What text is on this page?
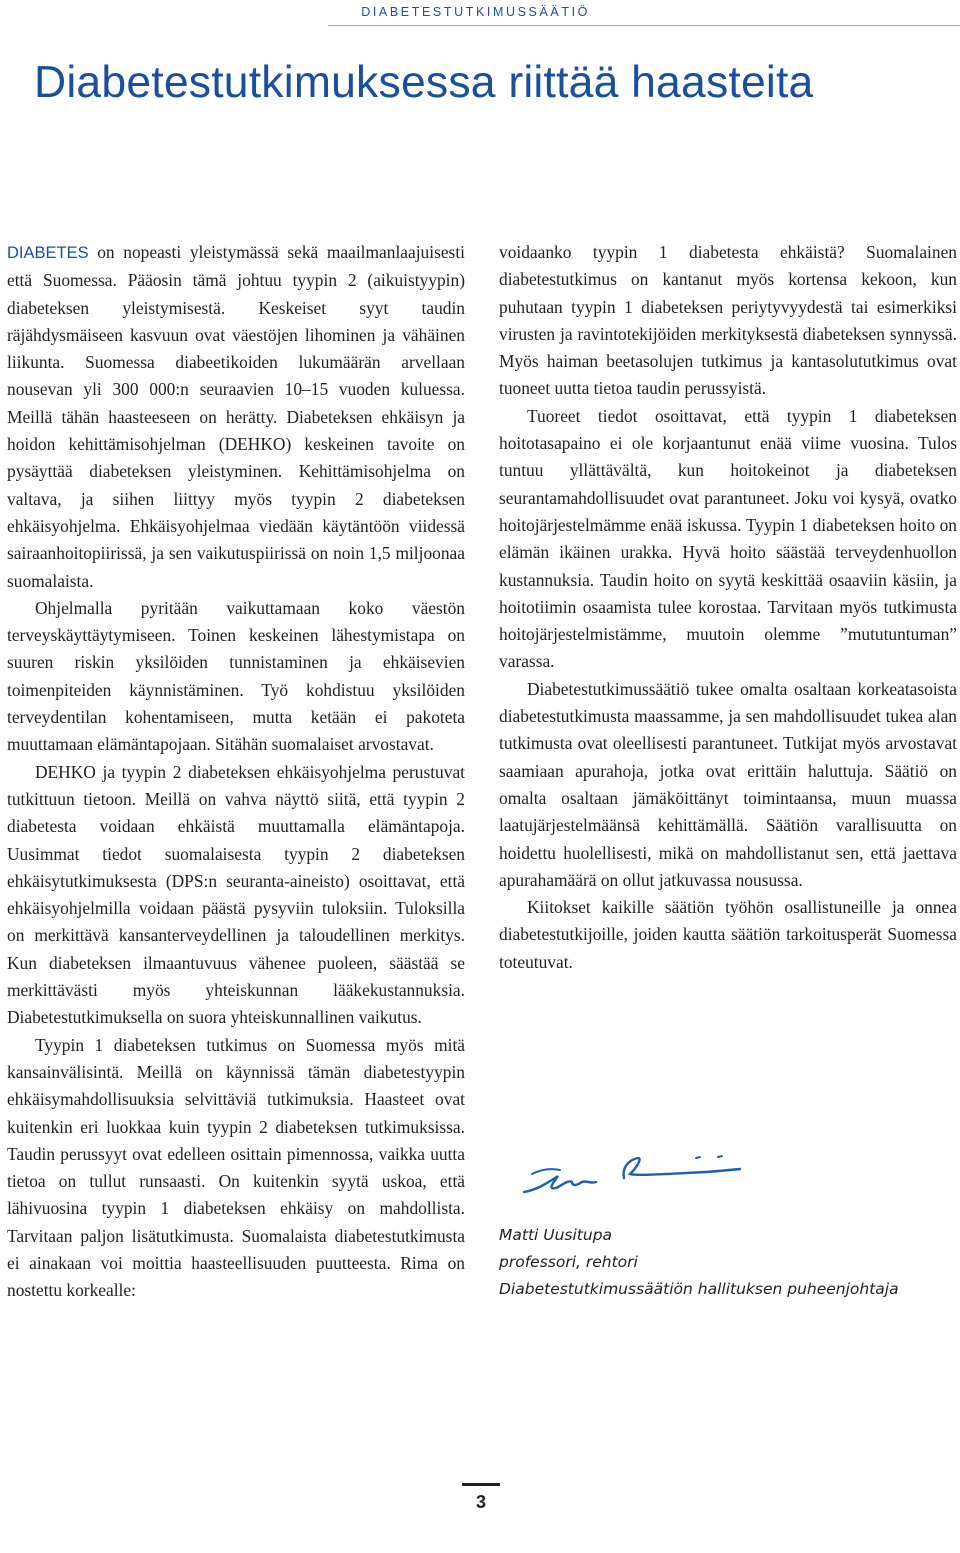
DIABETESTUTKIMUSSÄÄTIÖ
Diabetestutkimuksessa riittää haasteita

DIABETES on nopeasti yleistymässä sekä maailmanlaajuisesti että Suomessa. Pääosin tämä johtuu tyypin 2 (aikuistyypin) diabeteksen yleistymisestä. Keskeiset syyt taudin räjähdysmäiseen kasvuun ovat väestöjen lihominen ja vähäinen liikunta. Suomessa diabeetikoiden lukumäärän arvellaan nousevan yli 300 000:n seuraavien 10–15 vuoden kuluessa. Meillä tähän haasteeseen on herätty. Diabeteksen ehkäisyn ja hoidon kehittämisohjelman (DEHKO) keskeinen tavoite on pysäyttää diabeteksen yleistyminen. Kehittämisohjelma on valtava, ja siihen liittyy myös tyypin 2 diabeteksen ehkäisyohjelma. Ehkäisyohjelmaa viedään käytäntöön viidessä sairaanhoitopiirissä, ja sen vaikutuspiirissä on noin 1,5 miljoonaa suomalaista.

Ohjelmalla pyritään vaikuttamaan koko väestön terveyskäyttäytymiseen. Toinen keskeinen lähestymistapa on suuren riskin yksilöiden tunnistaminen ja ehkäisevien toimenpiteiden käynnistäminen. Työ kohdistuu yksilöiden terveydentilan kohentamiseen, mutta ketään ei pakoteta muuttamaan elämäntapojaan. Sitähän suomalaiset arvostavat.

DEHKO ja tyypin 2 diabeteksen ehkäisyohjelma perustuvat tutkittuun tietoon. Meillä on vahva näyttö siitä, että tyypin 2 diabetesta voidaan ehkäistä muuttamalla elämäntapoja. Uusimmat tiedot suomalaisesta tyypin 2 diabeteksen ehkäisytutkimuksesta (DPS:n seuranta-aineisto) osoittavat, että ehkäisyohjelmilla voidaan päästä pysyviin tuloksiin. Tuloksilla on merkittävä kansanterveydellinen ja taloudellinen merkitys. Kun diabeteksen ilmaantuvuus vähenee puoleen, säästää se merkittävästi myös yhteiskunnan lääkekustannuksia. Diabetestutkimuksella on suora yhteiskunnallinen vaikutus.

Tyypin 1 diabeteksen tutkimus on Suomessa myös mitä kansainvälisintä. Meillä on käynnissä tämän diabetestyypin ehkäisymahdollisuuksia selvittäviä tutkimuksia. Haasteet ovat kuitenkin eri luokkaa kuin tyypin 2 diabeteksen tutkimuksissa. Taudin perussyyt ovat edelleen osittain pimennossa, vaikka uutta tietoa on tullut runsaasti. On kuitenkin syytä uskoa, että lähivuosina tyypin 1 diabeteksen ehkäisy on mahdollista. Tarvitaan paljon lisätutkimusta. Suomalaista diabetestutkimusta ei ainakaan voi moittia haasteellisuuden puutteesta. Rima on nostettu korkealle:

voidaanko tyypin 1 diabetesta ehkäistä? Suomalainen diabetestutkimus on kantanut myös kortensa kekoon, kun puhutaan tyypin 1 diabeteksen periytyvyydestä tai esimerkiksi virusten ja ravintotekijöiden merkityksestä diabeteksen synnyssä. Myös haiman beetasolujen tutkimus ja kantasolututkimus ovat tuoneet uutta tietoa taudin perussyistä.

Tuoreet tiedot osoittavat, että tyypin 1 diabeteksen hoitotasapaino ei ole korjaantunut enää viime vuosina. Tulos tuntuu yllättävältä, kun hoitokeinot ja diabeteksen seurantamahdollisuudet ovat parantuneet. Joku voi kysyä, ovatko hoitojärjestelmämme enää iskussa. Tyypin 1 diabeteksen hoito on elämän ikäinen urakka. Hyvä hoito säästää terveydenhuollon kustannuksia. Taudin hoito on syytä keskittää osaaviin käsiin, ja hoitotiimin osaamista tulee korostaa. Tarvitaan myös tutkimusta hoitojärjestelmistämme, muutoin olemme ”mututuntuman” varassa.

Diabetestutkimussäätiö tukee omalta osaltaan korkeatasoista diabetestutkimusta maassamme, ja sen mahdollisuudet tukea alan tutkimusta ovat oleellisesti parantuneet. Tutkijat myös arvostavat saamiaan apurahoja, jotka ovat erittäin haluttuja. Säätiö on omalta osaltaan jämäköittänyt toimintaansa, muun muassa laatujärjestelmäänsä kehittämällä. Säätiön varallisuutta on hoidettu huolellisesti, mikä on mahdollistanut sen, että jaettava apurahamäärä on ollut jatkuvassa nousussa.

Kiitokset kaikille säätiön työhön osallistuneille ja onnea diabetestutkijoille, joiden kautta säätiön tarkoitusperät Suomessa toteutuvat.

Matti Uusitupa
professori, rehtori
Diabetestutkimussäätiön hallituksen puheenjohtaja
3
